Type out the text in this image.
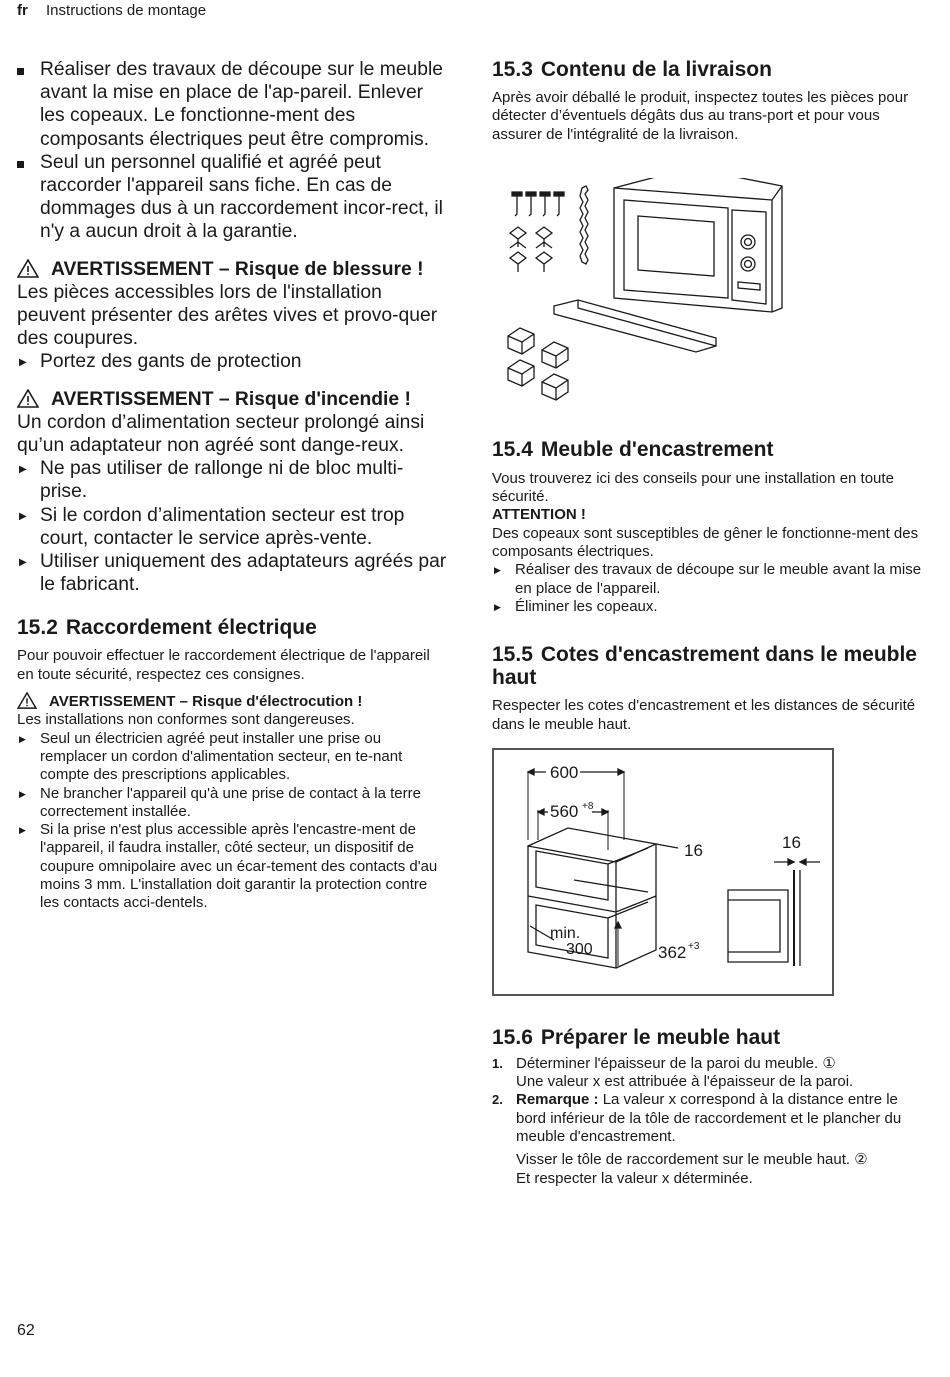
fr Instructions de montage
Réaliser des travaux de découpe sur le meuble avant la mise en place de l'ap-pareil. Enlever les copeaux. Le fonctionne-ment des composants électriques peut être compromis.
Seul un personnel qualifié et agréé peut raccorder l'appareil sans fiche. En cas de dommages dus à un raccordement incor-rect, il n'y a aucun droit à la garantie.
AVERTISSEMENT – Risque de blessure !
Les pièces accessibles lors de l'installation peuvent présenter des arêtes vives et provo-quer des coupures.
▶ Portez des gants de protection
AVERTISSEMENT – Risque d'incendie !
Un cordon d’alimentation secteur prolongé ainsi qu’un adaptateur non agréé sont dange-reux.
▶ Ne pas utiliser de rallonge ni de bloc multi-prise.
▶ Si le cordon d’alimentation secteur est trop court, contacter le service après-vente.
▶ Utiliser uniquement des adaptateurs agréés par le fabricant.
15.2 Raccordement électrique
Pour pouvoir effectuer le raccordement électrique de l'appareil en toute sécurité, respectez ces consignes.
AVERTISSEMENT – Risque d'électrocution !
Les installations non conformes sont dangereuses.
▶ Seul un électricien agréé peut installer une prise ou remplacer un cordon d'alimentation secteur, en te-nant compte des prescriptions applicables.
▶ Ne brancher l'appareil qu'à une prise de contact à la terre correctement installée.
▶ Si la prise n'est plus accessible après l'encastre-ment de l'appareil, il faudra installer, côté secteur, un dispositif de coupure omnipolaire avec un écar-tement des contacts d'au moins 3 mm. L'installation doit garantir la protection contre les contacts acci-dentels.
15.3 Contenu de la livraison
Après avoir déballé le produit, inspectez toutes les pièces pour détecter d’éventuels dégâts dus au trans-port et pour vous assurer de l'intégralité de la livraison.
15.4 Meuble d'encastrement
Vous trouverez ici des conseils pour une installation en toute sécurité.
ATTENTION !
Des copeaux sont susceptibles de gêner le fonctionne-ment des composants électriques.
▶ Réaliser des travaux de découpe sur le meuble avant la mise en place de l'appareil.
▶ Éliminer les copeaux.
15.5 Cotes d'encastrement dans le meuble haut
Respecter les cotes d'encastrement et les distances de sécurité dans le meuble haut.
600
560 +8
16	16
min.
300	362 +3
15.6 Préparer le meuble haut
1. Déterminer l'épaisseur de la paroi du meuble. ①
Une valeur x est attribuée à l'épaisseur de la paroi.
2. Remarque : La valeur x correspond à la distance entre le bord inférieur de la tôle de raccordement et le plancher du meuble d'encastrement.
Visser le tôle de raccordement sur le meuble haut. ②
Et respecter la valeur x déterminée.
62
